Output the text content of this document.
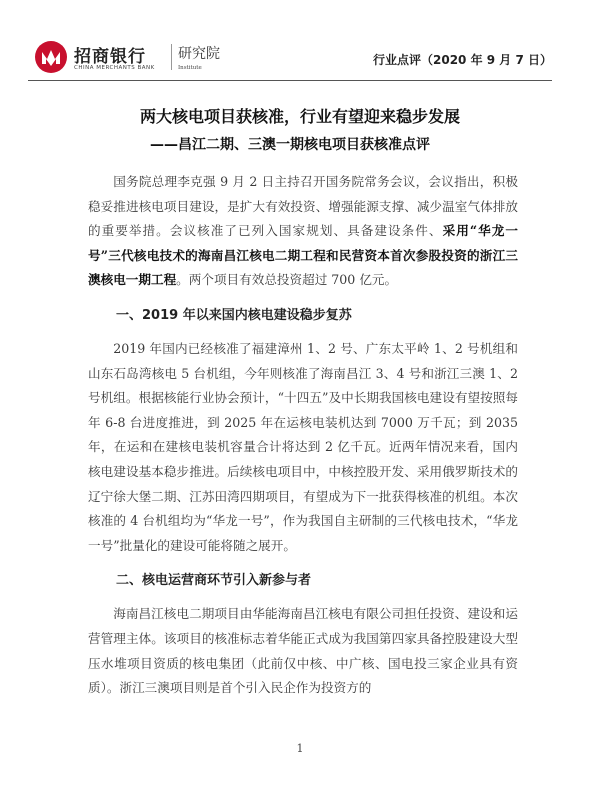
招商银行
CHINA MERCHANTS BANK
研究院
Institute
行业点评（2020 年 9 月 7 日）
两大核电项目获核准，行业有望迎来稳步发展
——昌江二期、三澳一期核电项目获核准点评

国务院总理李克强 9 月 2 日主持召开国务院常务会议，会议指出，积极稳妥推进核电项目建设，是扩大有效投资、增强能源支撑、减少温室气体排放的重要举措。会议核准了已列入国家规划、具备建设条件、采用“华龙一号”三代核电技术的海南昌江核电二期工程和民营资本首次参股投资的浙江三澳核电一期工程。两个项目有效总投资超过 700 亿元。

一、2019 年以来国内核电建设稳步复苏

2019 年国内已经核准了福建漳州 1、2 号、广东太平岭 1、2 号机组和山东石岛湾核电 5 台机组，今年则核准了海南昌江 3、4 号和浙江三澳 1、2 号机组。根据核能行业协会预计，“十四五”及中长期我国核电建设有望按照每年 6-8 台进度推进，到 2025 年在运核电装机达到 7000 万千瓦；到 2035 年，在运和在建核电装机容量合计将达到 2 亿千瓦。近两年情况来看，国内核电建设基本稳步推进。后续核电项目中，中核控股开发、采用俄罗斯技术的辽宁徐大堡二期、江苏田湾四期项目，有望成为下一批获得核准的机组。本次核准的 4 台机组均为“华龙一号”，作为我国自主研制的三代核电技术，“华龙一号”批量化的建设可能将随之展开。

二、核电运营商环节引入新参与者

海南昌江核电二期项目由华能海南昌江核电有限公司担任投资、建设和运营管理主体。该项目的核准标志着华能正式成为我国第四家具备控股建设大型压水堆项目资质的核电集团（此前仅中核、中广核、国电投三家企业具有资质）。浙江三澳项目则是首个引入民企作为投资方的

1
